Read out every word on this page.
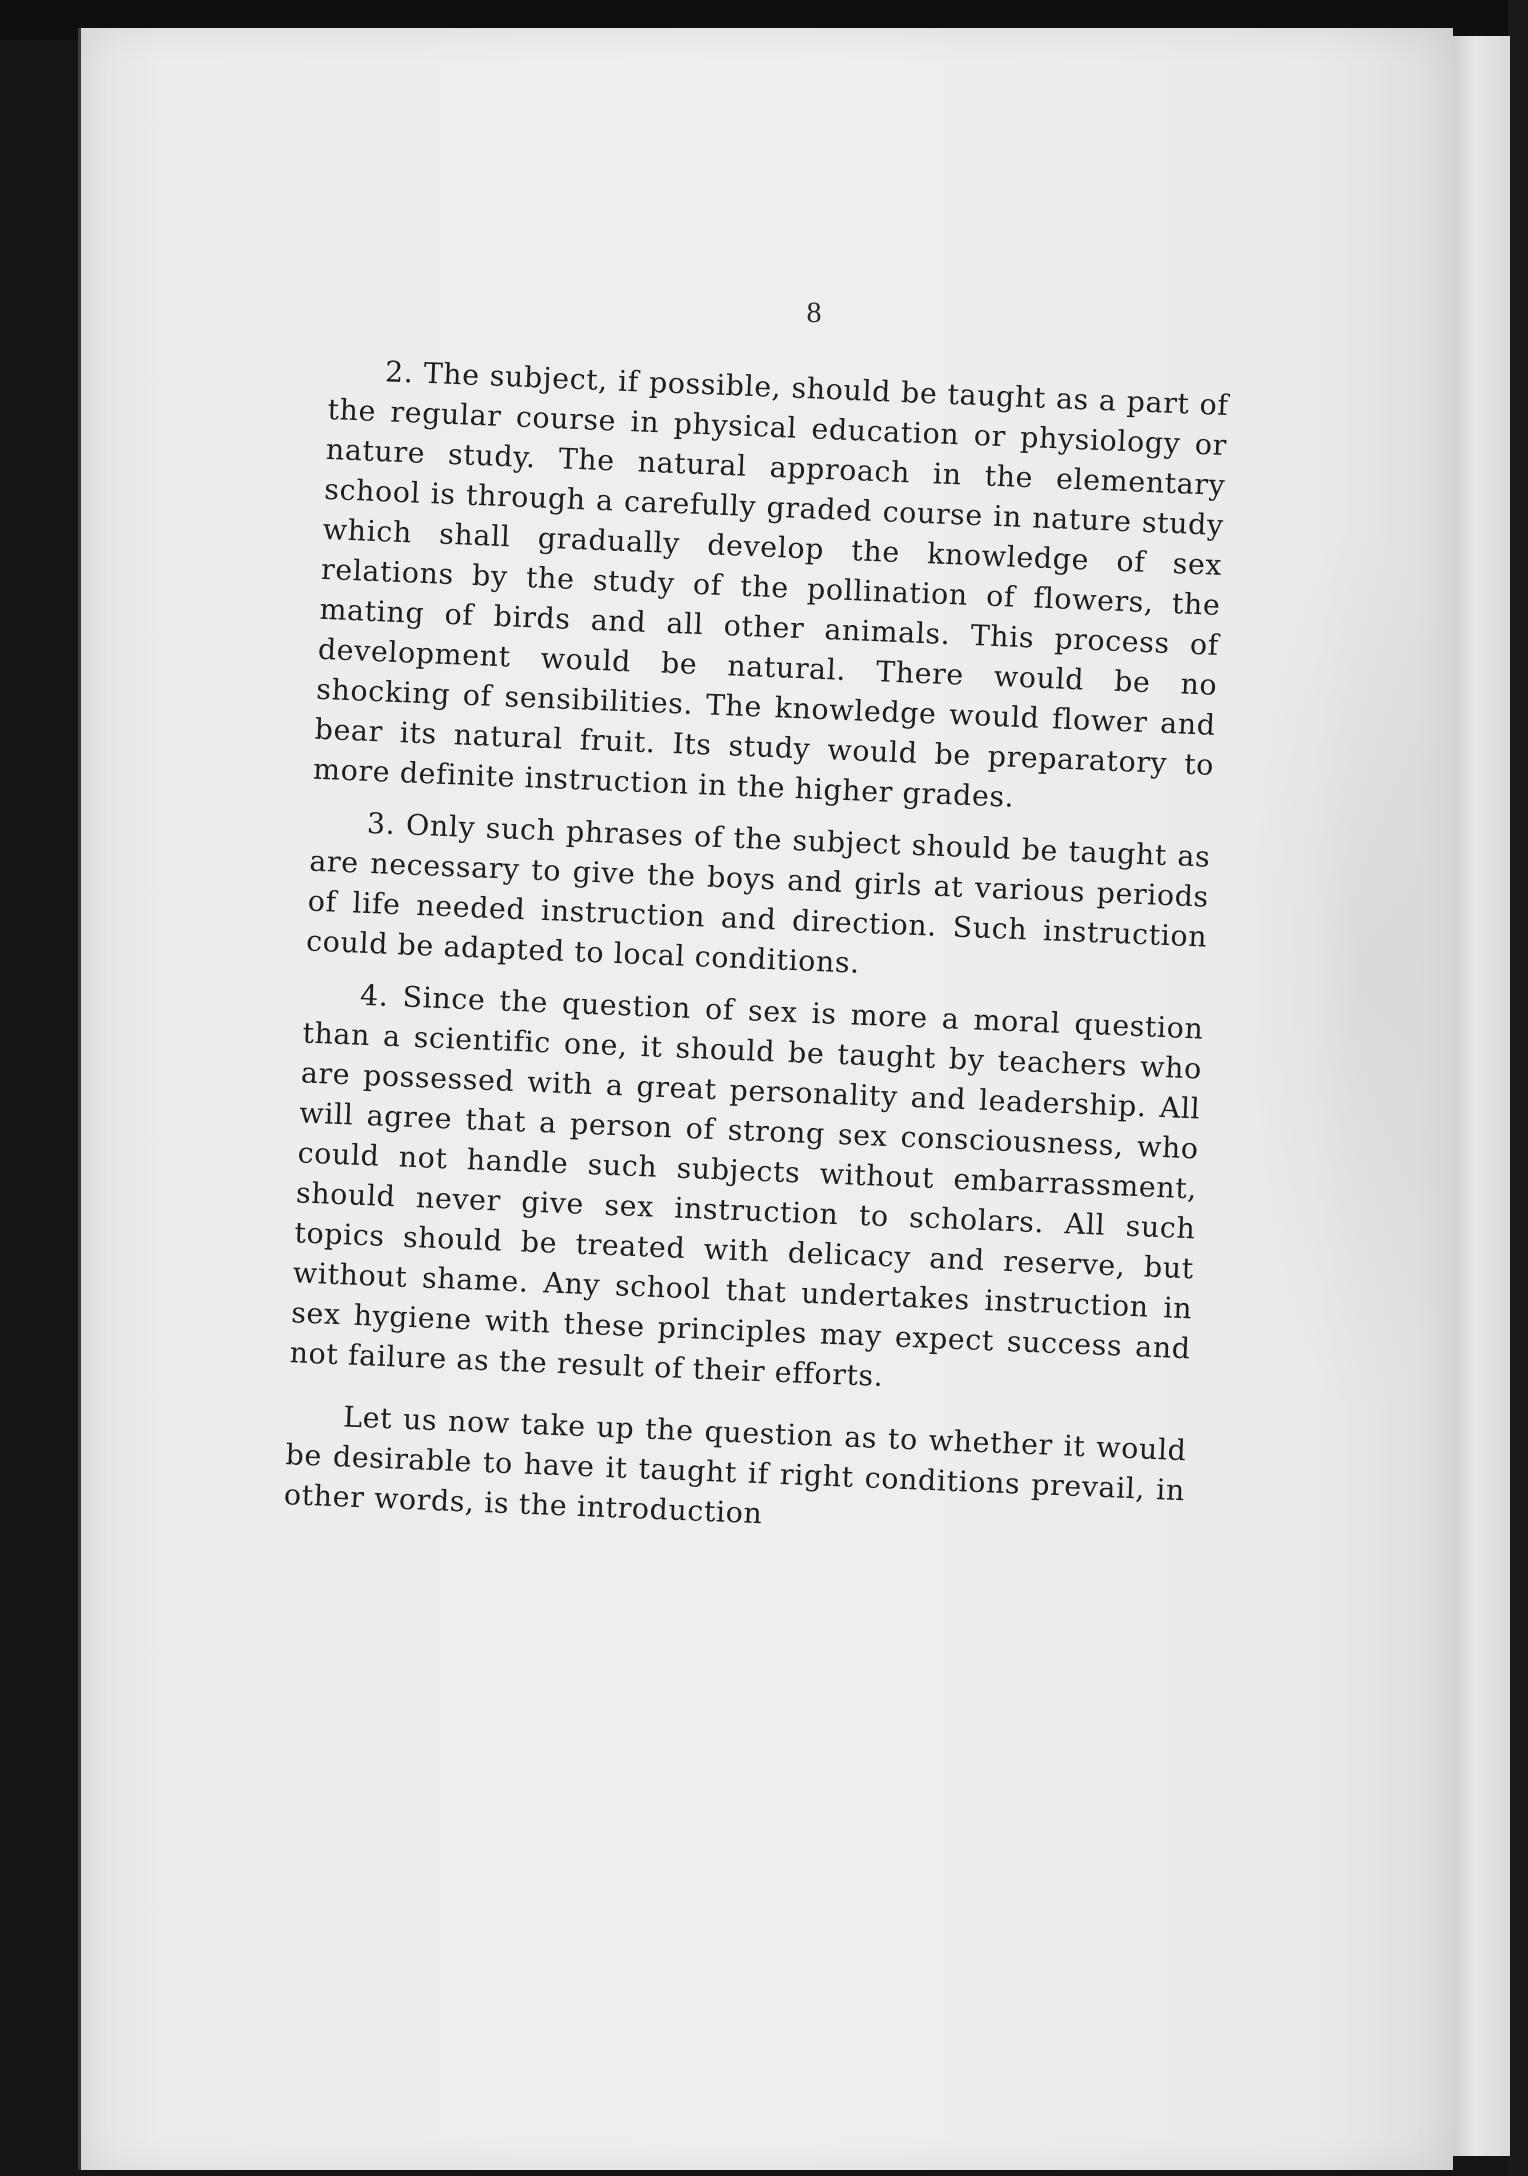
8

2. The subject, if possible, should be taught as a part of the regular course in physical education or physiology or nature study. The natural approach in the elementary school is through a carefully graded course in nature study which shall gradually develop the knowledge of sex relations by the study of the pollination of flowers, the mating of birds and all other animals. This process of development would be natural. There would be no shocking of sensibilities. The knowledge would flower and bear its natural fruit. Its study would be preparatory to more definite instruction in the higher grades.

3. Only such phrases of the subject should be taught as are necessary to give the boys and girls at various periods of life needed instruction and direction. Such instruction could be adapted to local conditions.

4. Since the question of sex is more a moral question than a scientific one, it should be taught by teachers who are possessed with a great personality and leadership. All will agree that a person of strong sex consciousness, who could not handle such subjects without embarrassment, should never give sex instruction to scholars. All such topics should be treated with delicacy and reserve, but without shame. Any school that undertakes instruction in sex hygiene with these principles may expect success and not failure as the result of their efforts.

Let us now take up the question as to whether it would be desirable to have it taught if right conditions prevail, in other words, is the introduction
